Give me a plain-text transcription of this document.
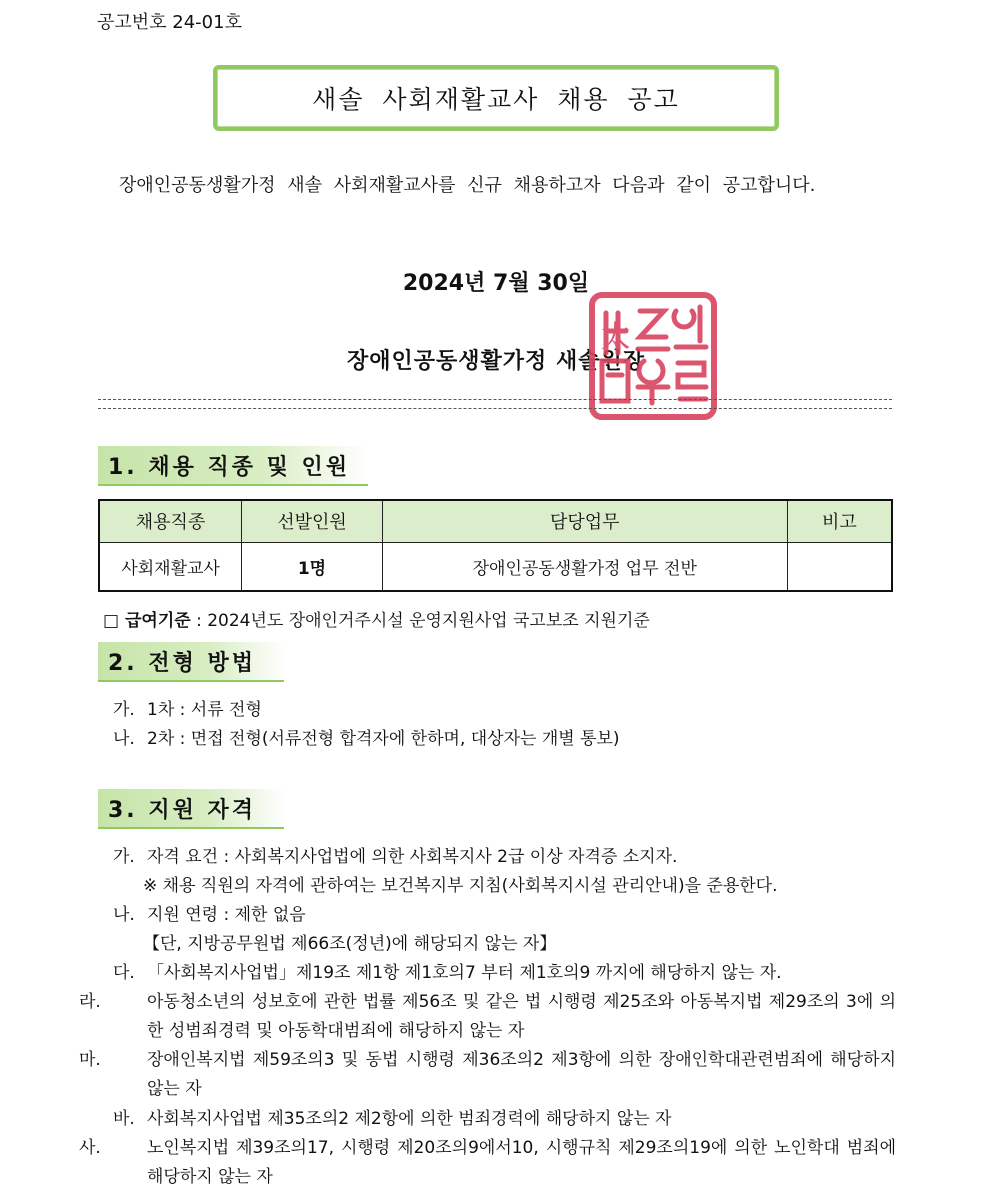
공고번호 24-01호
새솔 사회재활교사 채용 공고
장애인공동생활가정 새솔 사회재활교사를 신규 채용하고자 다음과 같이 공고합니다.
2024년 7월 30일
장애인공동생활가정 새솔원장
太
1. 채용 직종 및 인원
채용직종	선발인원	담당업무	비고
사회재활교사	1명	장애인공동생활가정 업무 전반	
□ 급여기준 : 2024년도 장애인거주시설 운영지원사업 국고보조 지원기준
2. 전형 방법
가. 1차 : 서류 전형
나. 2차 : 면접 전형(서류전형 합격자에 한하며, 대상자는 개별 통보)
3. 지원 자격
가. 자격 요건 : 사회복지사업법에 의한 사회복지사 2급 이상 자격증 소지자.
※ 채용 직원의 자격에 관하여는 보건복지부 지침(사회복지시설 관리안내)을 준용한다.
나. 지원 연령 : 제한 없음
【단, 지방공무원법 제66조(정년)에 해당되지 않는 자】
다. 「사회복지사업법」제19조 제1항 제1호의7 부터 제1호의9 까지에 해당하지 않는 자.
라.	아동청소년의 성보호에 관한 법률 제56조 및 같은 법 시행령 제25조와 아동복지법 제29조의 3에 의한 성범죄경력 및 아동학대범죄에 해당하지 않는 자
마.	장애인복지법 제59조의3 및 동법 시행령 제36조의2 제3항에 의한 장애인학대관련범죄에 해당하지 않는 자
바. 사회복지사업법 제35조의2 제2항에 의한 범죄경력에 해당하지 않는 자
사.	노인복지법 제39조의17, 시행령 제20조의9에서10, 시행규칙 제29조의19에 의한 노인학대 범죄에 해당하지 않는 자
